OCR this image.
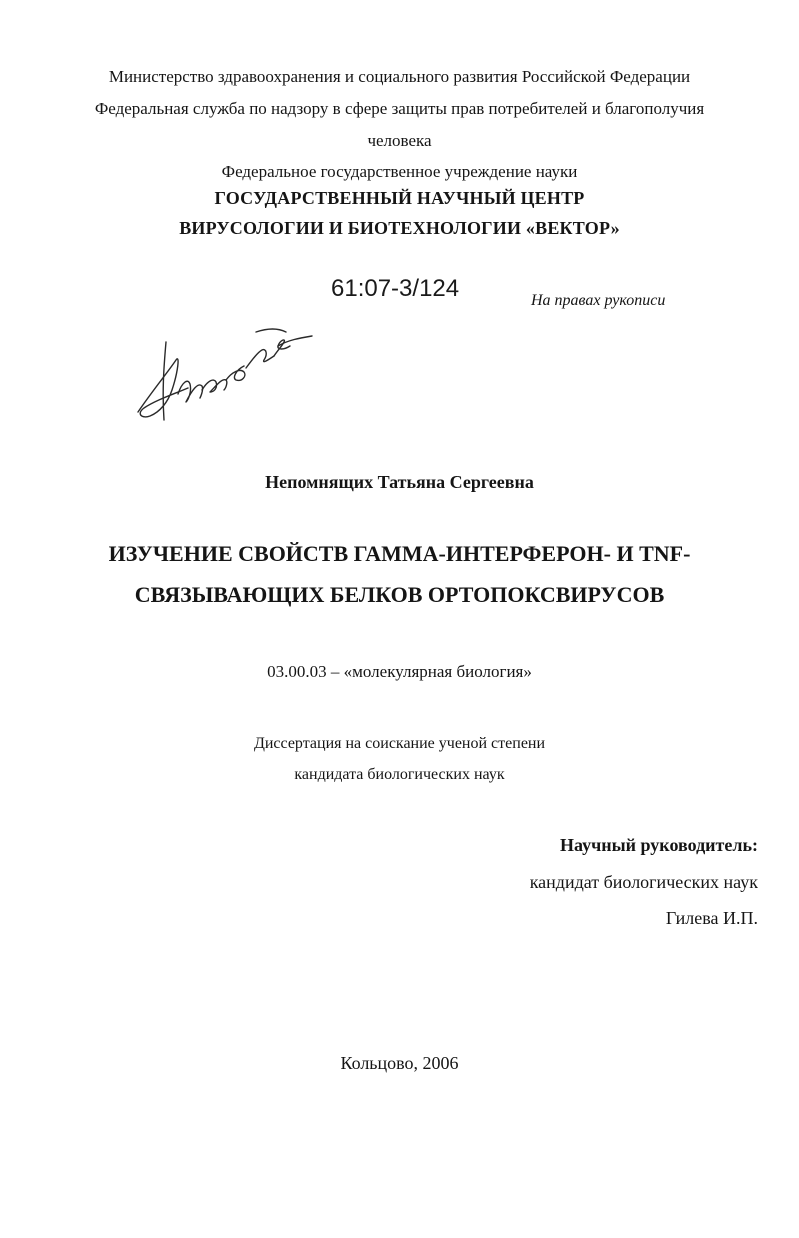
Министерство здравоохранения и социального развития Российской Федерации
Федеральная служба по надзору в сфере защиты прав потребителей и благополучия
человека
Федеральное государственное учреждение науки
ГОСУДАРСТВЕННЫЙ НАУЧНЫЙ ЦЕНТР
ВИРУСОЛОГИИ И БИОТЕХНОЛОГИИ «ВЕКТОР»
61:07-3/124	На правах рукописи
Непомнящих Татьяна Сергеевна
ИЗУЧЕНИЕ СВОЙСТВ ГАММА-ИНТЕРФЕРОН- И TNF-
СВЯЗЫВАЮЩИХ БЕЛКОВ ОРТОПОКСВИРУСОВ
03.00.03 – «молекулярная биология»
Диссертация на соискание ученой степени
кандидата биологических наук
Научный руководитель:
кандидат биологических наук
Гилева И.П.
Кольцово, 2006
